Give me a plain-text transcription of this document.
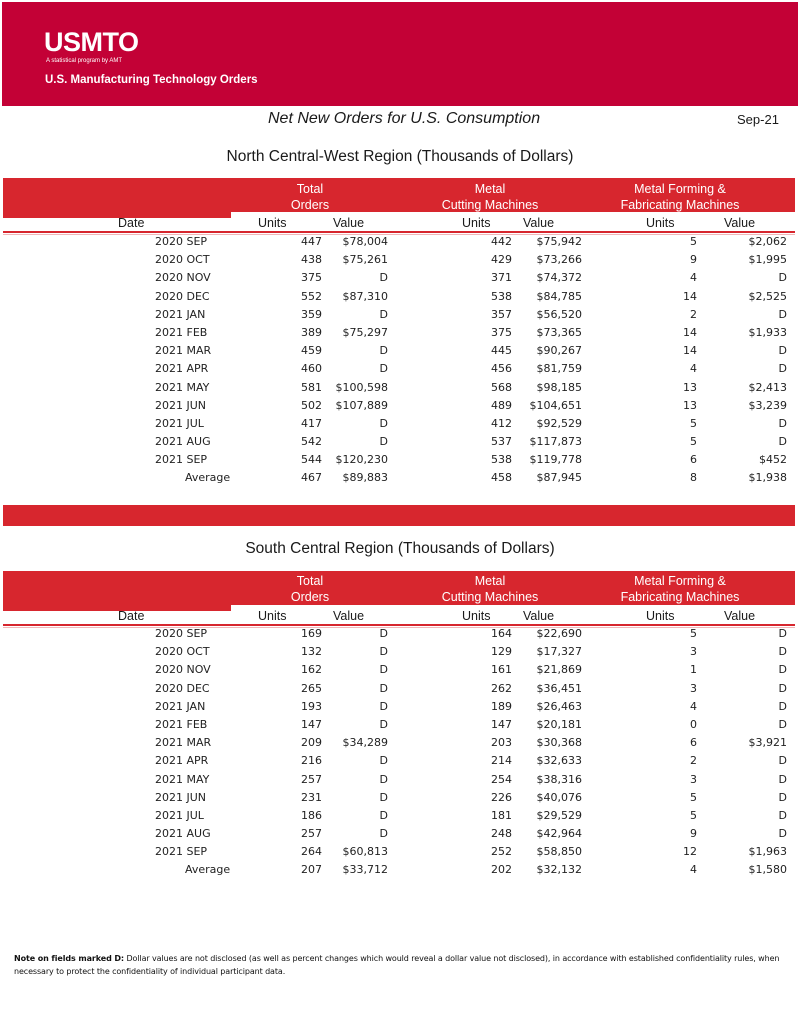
USMTO
A statistical program by AMT
U.S. Manufacturing Technology Orders
Net New Orders for U.S. Consumption	Sep-21
North Central-West Region (Thousands of Dollars)
Total
Orders
Metal
Cutting Machines
Metal Forming &
Fabricating Machines
Date	Units	Value	Units	Value	Units	Value
2020 SEP	447 $78,004	442 $75,942	5	$2,062
2020 OCT	438 $75,261	429 $73,266	9	$1,995
2020 NOV	375	D	371 $74,372	4	D
2020 DEC	552 $87,310	538 $84,785	14	$2,525
2021 JAN	359	D	357 $56,520	2	D
2021 FEB	389 $75,297	375 $73,365	14	$1,933
2021 MAR	459	D	445 $90,267	14	D
2021 APR	460	D	456 $81,759	4	D
2021 MAY	581 $100,598	568 $98,185	13	$2,413
2021 JUN	502 $107,889	489 $104,651	13	$3,239
2021 JUL	417	D	412 $92,529	5	D
2021 AUG	542	D	537 $117,873	5	D
2021 SEP	544 $120,230	538 $119,778	6	$452
Average	467 $89,883	458 $87,945	8	$1,938
South Central Region (Thousands of Dollars)
Total
Orders
Metal
Cutting Machines
Metal Forming &
Fabricating Machines
Date	Units	Value	Units	Value	Units	Value
2020 SEP	169	D	164 $22,690	5	D
2020 OCT	132	D	129 $17,327	3	D
2020 NOV	162	D	161 $21,869	1	D
2020 DEC	265	D	262 $36,451	3	D
2021 JAN	193	D	189 $26,463	4	D
2021 FEB	147	D	147 $20,181	0	D
2021 MAR	209 $34,289	203 $30,368	6	$3,921
2021 APR	216	D	214 $32,633	2	D
2021 MAY	257	D	254 $38,316	3	D
2021 JUN	231	D	226 $40,076	5	D
2021 JUL	186	D	181 $29,529	5	D
2021 AUG	257	D	248 $42,964	9	D
2021 SEP	264 $60,813	252 $58,850	12	$1,963
Average	207 $33,712	202 $32,132	4	$1,580
Note on fields marked D: Dollar values are not disclosed (as well as percent changes which would reveal a dollar value not disclosed), in accordance with established confidentiality rules, when necessary to protect the confidentiality of individual participant data.
